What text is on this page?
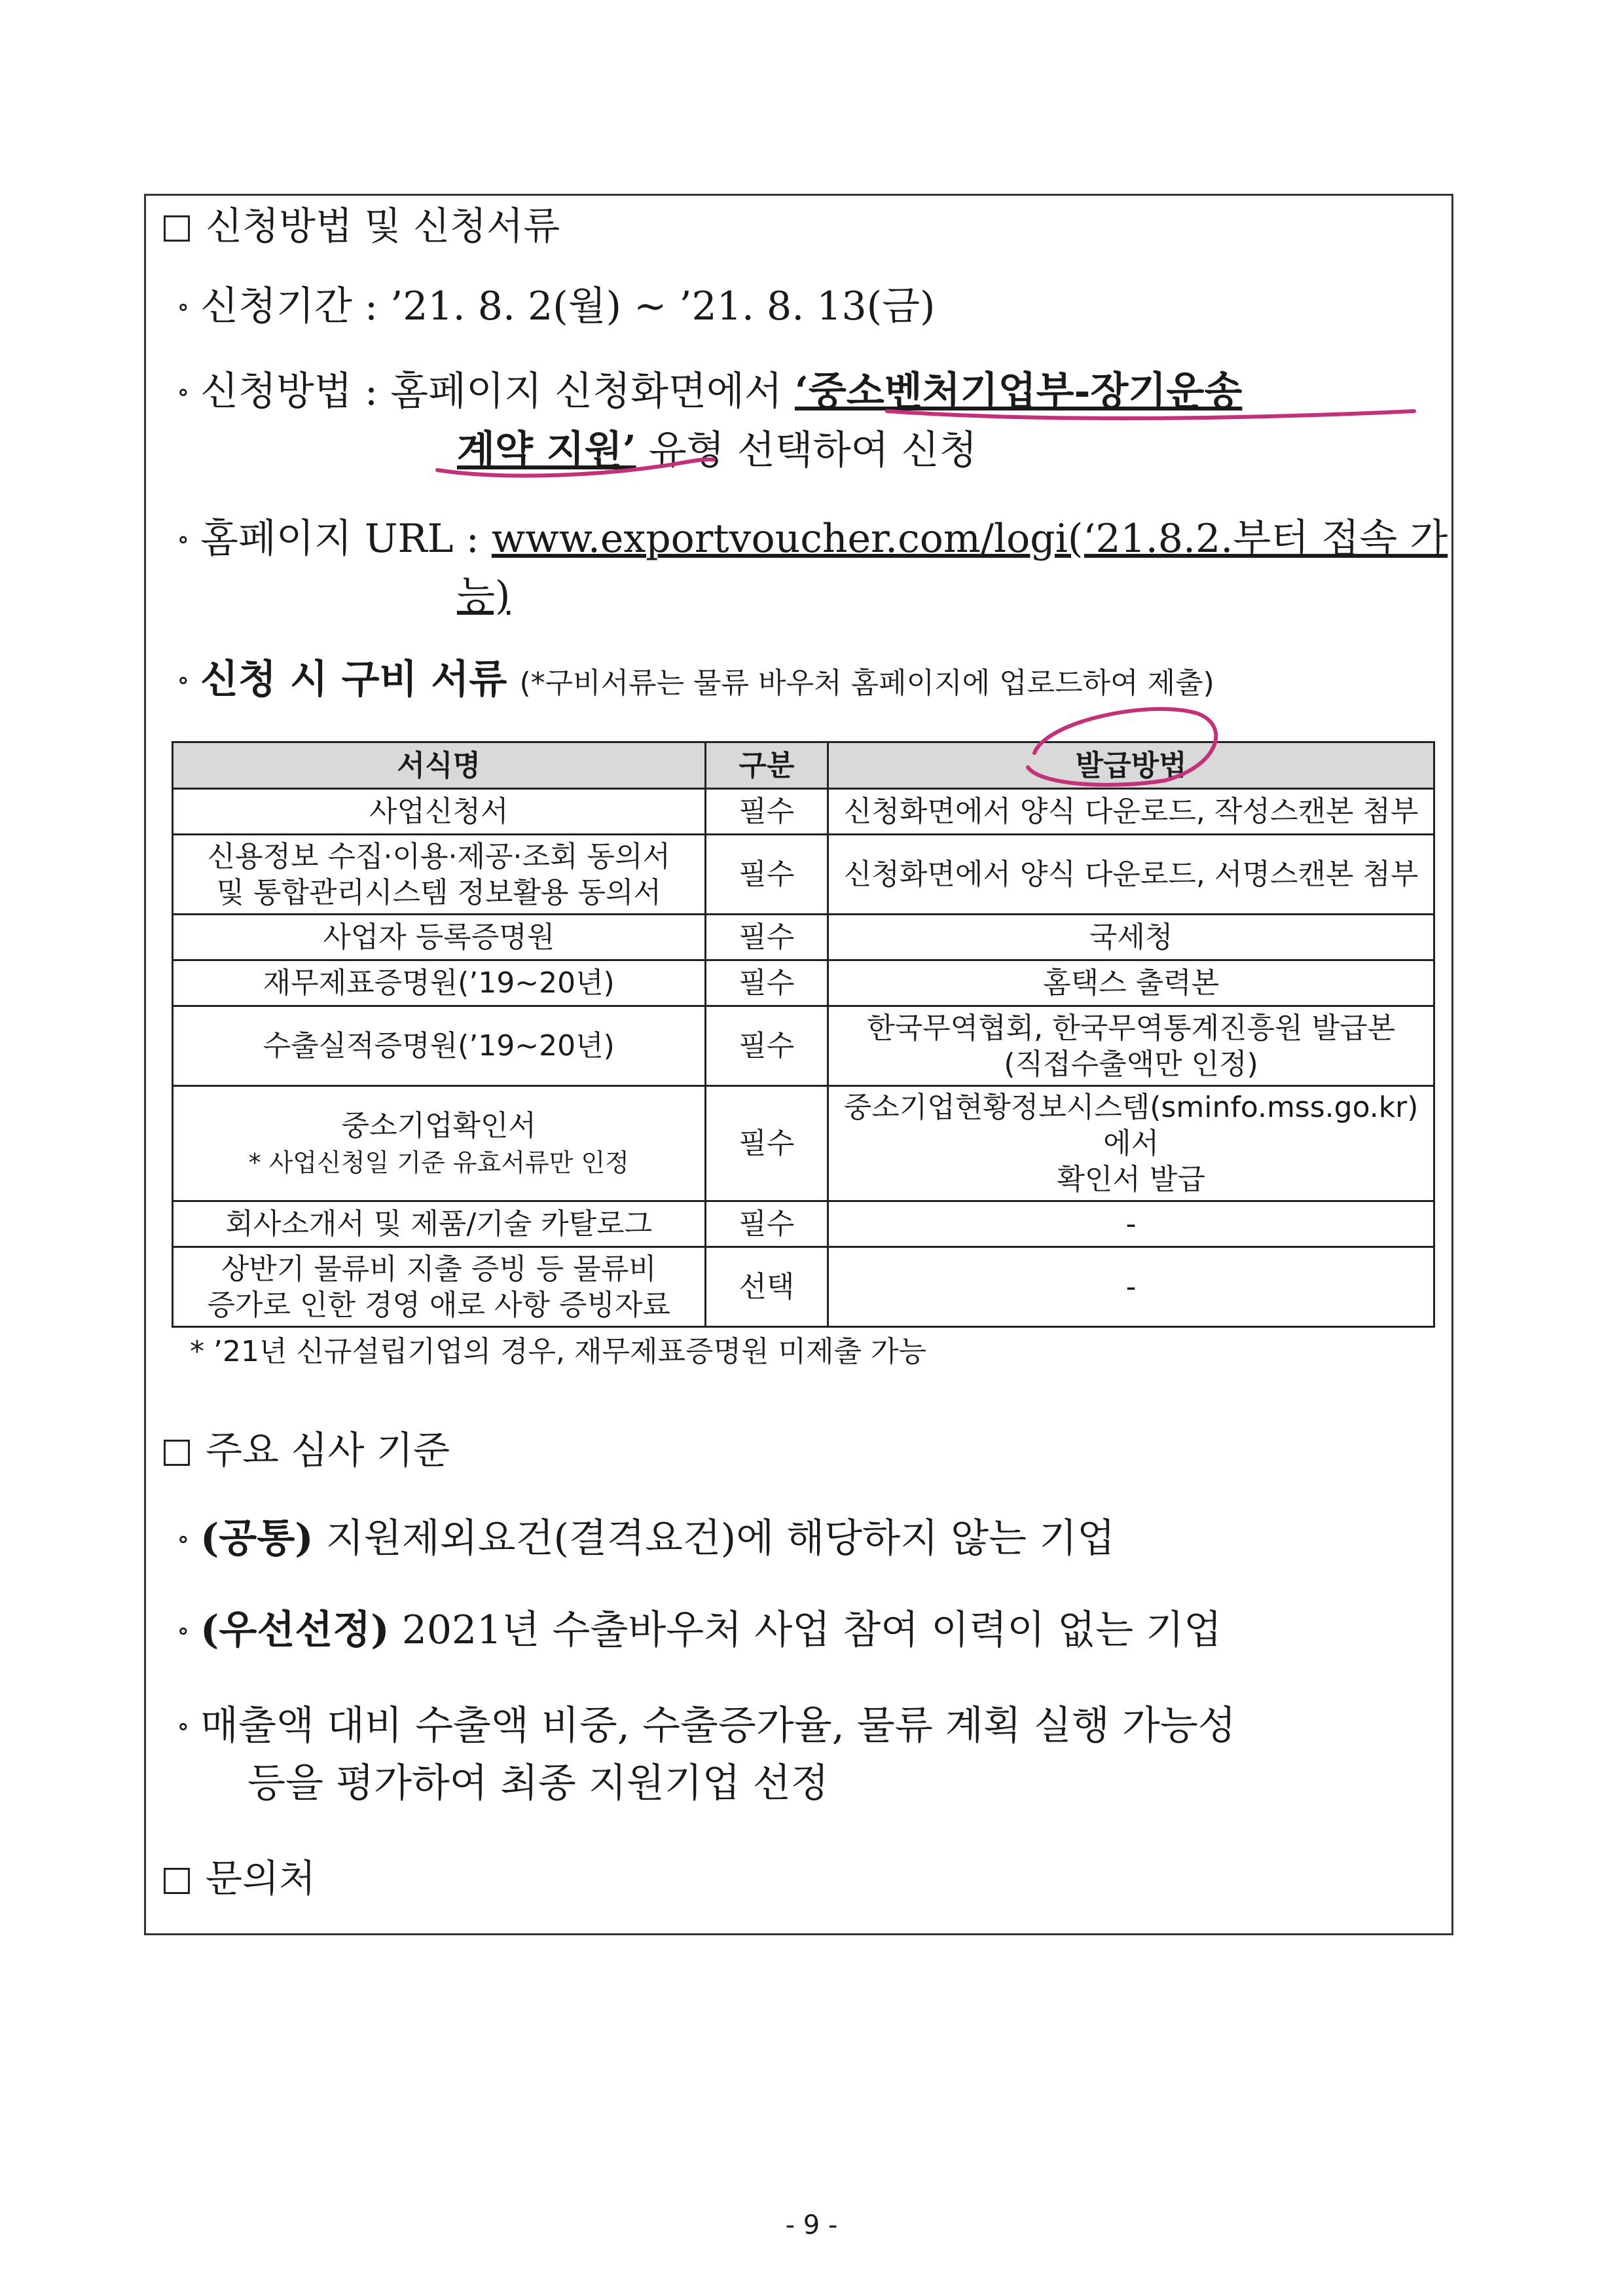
신청방법 및 신청서류
∘ 신청기간 : ’21. 8. 2(월) ~ ’21. 8. 13(금)
∘ 신청방법 : 홈페이지 신청화면에서 ‘중소벤처기업부-장기운송
계약 지원’ 유형 선택하여 신청
∘ 홈페이지 URL : www.exportvoucher.com/logi(‘21.8.2.부터 접속 가
능)
∘ 신청 시 구비 서류 (*구비서류는 물류 바우처 홈페이지에 업로드하여 제출)
서식명	구분	발급방법
사업신청서	필수	신청화면에서 양식 다운로드, 작성스캔본 첨부
신용정보 수집·이용·제공·조회 동의서
및 통합관리시스템 정보활용 동의서	필수	신청화면에서 양식 다운로드, 서명스캔본 첨부
사업자 등록증명원	필수	국세청
재무제표증명원(’19~20년)	필수	홈택스 출력본
수출실적증명원(’19~20년)	필수	한국무역협회, 한국무역통계진흥원 발급본
(직접수출액만 인정)
중소기업확인서
* 사업신청일 기준 유효서류만 인정	필수	중소기업현황정보시스템(sminfo.mss.go.kr)에서
확인서 발급
회사소개서 및 제품/기술 카탈로그	필수	-
상반기 물류비 지출 증빙 등 물류비
증가로 인한 경영 애로 사항 증빙자료	선택	-
* ’21년 신규설립기업의 경우, 재무제표증명원 미제출 가능
주요 심사 기준
∘ (공통) 지원제외요건(결격요건)에 해당하지 않는 기업
∘ (우선선정) 2021년 수출바우처 사업 참여 이력이 없는 기업
∘ 매출액 대비 수출액 비중, 수출증가율, 물류 계획 실행 가능성
등을 평가하여 최종 지원기업 선정
문의처
- 9 -
